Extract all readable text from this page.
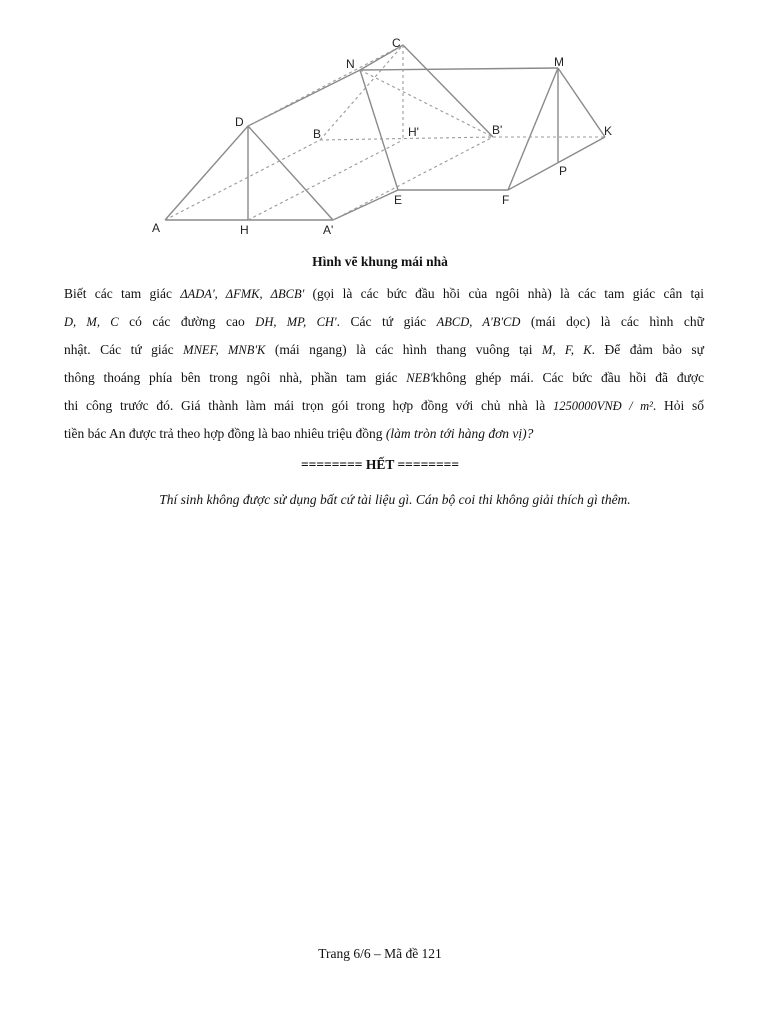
A	H	A'
D
B	H'
C
N
B'
E	F
M
K
P
Hình vẽ khung mái nhà
Biết các tam giác ΔADA', ΔFMK, ΔBCB' (gọi là các bức đầu hồi của ngôi nhà) là các tam giác cân tại
D, M, C có các đường cao DH, MP, CH'. Các tứ giác ABCD, A'B'CD (mái dọc) là các hình chữ
nhật. Các tứ giác MNEF, MNB'K (mái ngang) là các hình thang vuông tại M, F, K. Để đảm bảo sự
thông thoáng phía bên trong ngôi nhà, phần tam giác NEB'không ghép mái. Các bức đầu hồi đã được
thi công trước đó. Giá thành làm mái trọn gói trong hợp đồng với chủ nhà là 1250000VNĐ / m². Hỏi số
tiền bác An được trả theo hợp đồng là bao nhiêu triệu đồng (làm tròn tới hàng đơn vị)?
======== HẾT ========
Thí sinh không được sử dụng bất cứ tài liệu gì. Cán bộ coi thi không giải thích gì thêm.
Trang 6/6 – Mã đề 121
